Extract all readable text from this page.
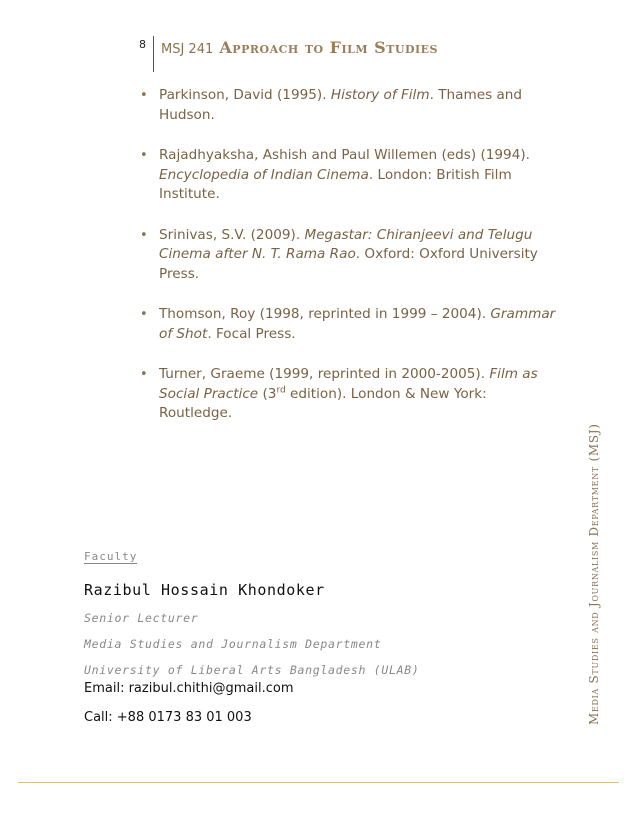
8 MSJ 241 Approach to Film Studies
• Parkinson, David (1995). History of Film. Thames and Hudson.
• Rajadhyaksha, Ashish and Paul Willemen (eds) (1994). Encyclopedia of Indian Cinema. London: British Film Institute.
• Srinivas, S.V. (2009). Megastar: Chiranjeevi and Telugu Cinema after N. T. Rama Rao. Oxford: Oxford University Press.
• Thomson, Roy (1998, reprinted in 1999 – 2004). Grammar of Shot. Focal Press.
• Turner, Graeme (1999, reprinted in 2000-2005). Film as Social Practice (3rd edition). London & New York: Routledge.
Faculty
Razibul Hossain Khondoker
Senior Lecturer
Media Studies and Journalism Department
University of Liberal Arts Bangladesh (ULAB)
Email: razibul.chithi@gmail.com
Call: +88 0173 83 01 003	Media Studies and Journalism Department (MSJ)
